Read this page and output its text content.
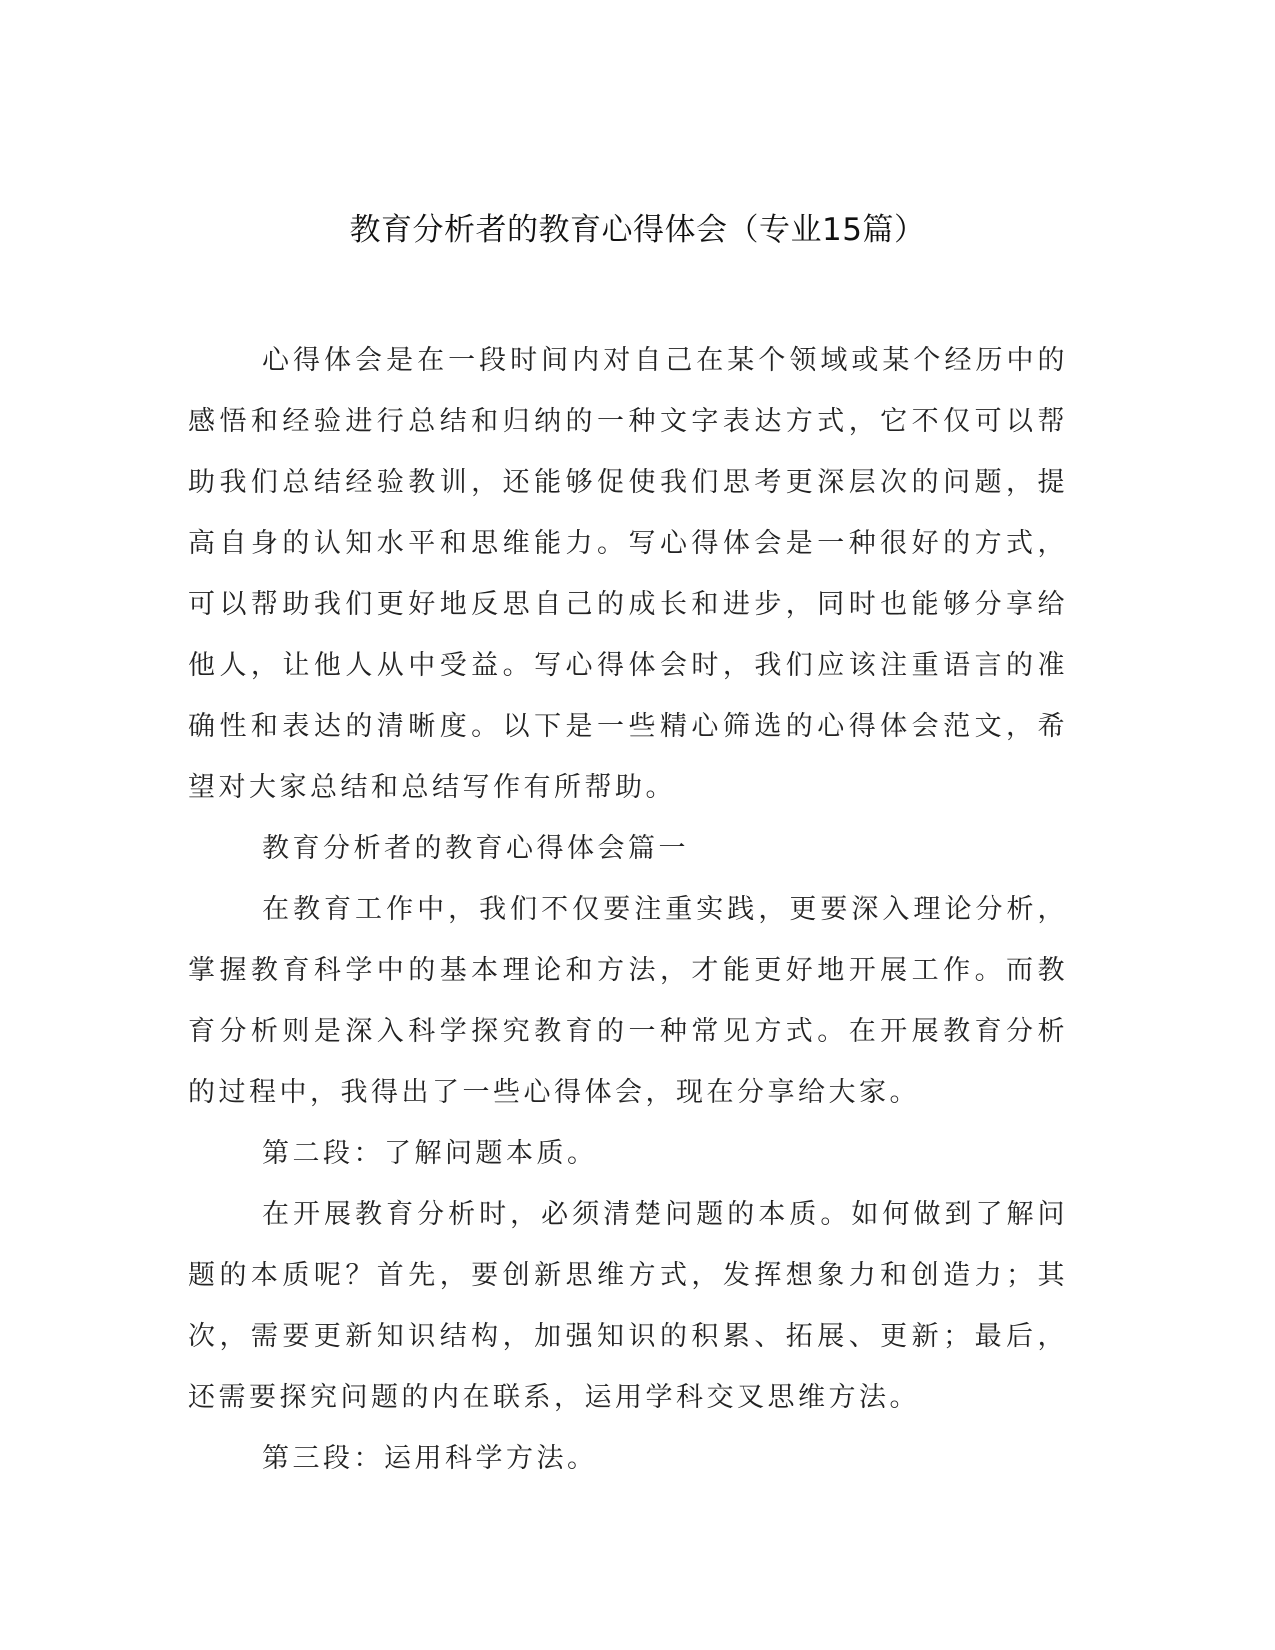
教育分析者的教育心得体会（专业15篇）

心得体会是在一段时间内对自己在某个领域或某个经历中的感悟和经验进行总结和归纳的一种文字表达方式，它不仅可以帮助我们总结经验教训，还能够促使我们思考更深层次的问题，提高自身的认知水平和思维能力。写心得体会是一种很好的方式，可以帮助我们更好地反思自己的成长和进步，同时也能够分享给他人，让他人从中受益。写心得体会时，我们应该注重语言的准确性和表达的清晰度。以下是一些精心筛选的心得体会范文，希望对大家总结和总结写作有所帮助。

教育分析者的教育心得体会篇一

在教育工作中，我们不仅要注重实践，更要深入理论分析，掌握教育科学中的基本理论和方法，才能更好地开展工作。而教育分析则是深入科学探究教育的一种常见方式。在开展教育分析的过程中，我得出了一些心得体会，现在分享给大家。

第二段：了解问题本质。

在开展教育分析时，必须清楚问题的本质。如何做到了解问题的本质呢？首先，要创新思维方式，发挥想象力和创造力；其次，需要更新知识结构，加强知识的积累、拓展、更新；最后，还需要探究问题的内在联系，运用学科交叉思维方法。

第三段：运用科学方法。
